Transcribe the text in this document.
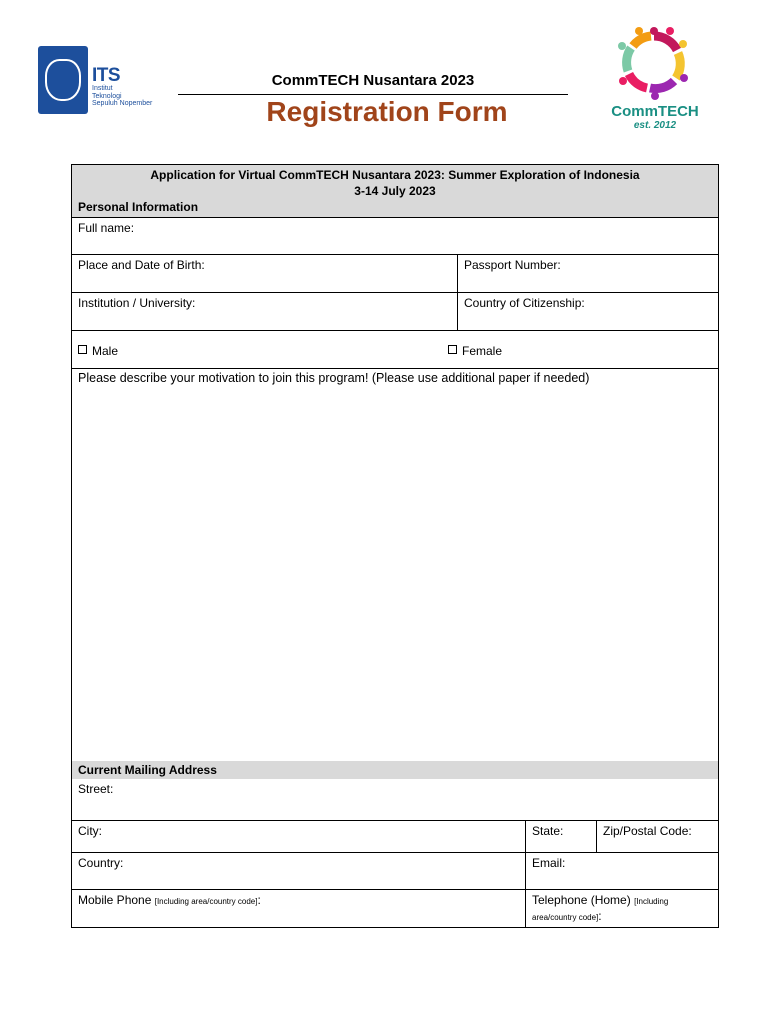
ITS
Institut
Teknologi
Sepuluh Nopember
CommTECH Nusantara 2023
Registration Form	CommTECH
est. 2012
Application for Virtual CommTECH Nusantara 2023: Summer Exploration of Indonesia
3-14 July 2023
Personal Information
Full name:
Place and Date of Birth:	Passport Number:
Institution / University:	Country of Citizenship:
Male	Female
Please describe your motivation to join this program! (Please use additional paper if needed)
Current Mailing Address
Street:
City:	State:	Zip/Postal Code:
Country:	Email:
Mobile Phone [Including area/country code]:	Telephone (Home) [Including area/country code]:
